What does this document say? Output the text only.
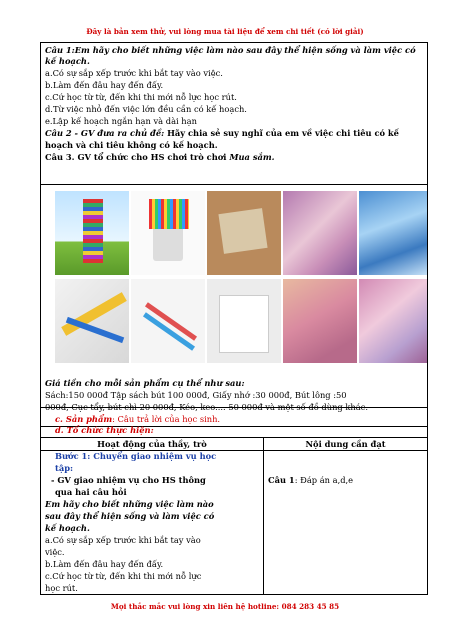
Đây là bản xem thử, vui lòng mua tài liệu để xem chi tiết (có lời giải)
Câu 1:Em hãy cho biết những việc làm nào sau đây thể hiện sống và làm việc có
kế hoạch.
a.Có sự sắp xếp trước khi bắt tay vào việc.
b.Làm đến đâu hay đến đấy.
c.Cứ học từ từ, đến khi thi mới nỗ lực học rút.
d.Từ việc nhỏ đến việc lớn đều cần có kế hoạch.
e.Lập kế hoạch ngắn hạn và dài hạn
Câu 2 - GV đưa ra chủ đề: Hãy chia sẻ suy nghĩ của em về việc chi tiêu có kế
hoạch và chi tiêu không có kế hoạch.
Câu 3. GV tổ chức cho HS chơi trò chơi Mua sắm.
Giá tiền cho mỗi sản phẩm cụ thể như sau:
Sách:150 000đ Tập sách bút 100 000đ, Giấy nhớ :30 000đ, Bút lông :50
000đ, Cục tẩy, bút chì 20 000đ, Kéo, keo.... 50 000đ và một số đồ dùng khác.
c. Sản phẩm: Câu trả lời của học sinh.
d. Tổ chức thực hiện:
Hoạt động của thầy, trò	Nội dung cần đạt
Bước 1: Chuyển giao nhiệm vụ học
tập:
- GV giao nhiệm vụ cho HS thông
qua hai câu hỏi
Em hãy cho biết những việc làm nào
sau đây thể hiện sống và làm việc có
kế hoạch.
a.Có sự sắp xếp trước khi bắt tay vào
việc.
b.Làm đến đâu hay đến đấy.
c.Cứ học từ từ, đến khi thi mới nỗ lực
học rút.
Câu 1: Đáp án a,d,e
Mọi thắc mắc vui lòng xin liên hệ hotline: 084 283 45 85
